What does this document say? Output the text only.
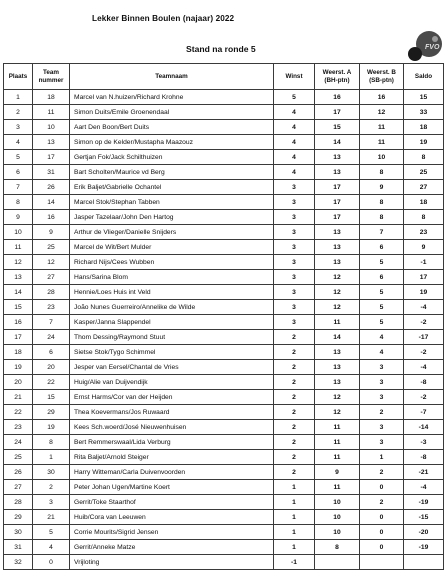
Lekker Binnen Boulen (najaar) 2022
Stand na ronde 5	FVO
Plaats	Team nummer	Teamnaam	Winst	Weerst. A (BH-ptn)	Weerst. B (SB-ptn)	Saldo
1	18	Marcel van N.huizen/Richard Krohne	5	16	16	15
2	11	Simon Duits/Emile Groenendaal	4	17	12	33
3	10	Aart Den Boon/Bert Duits	4	15	11	18
4	13	Simon op de Kelder/Mustapha Maazouz	4	14	11	19
5	17	Gertjan Fok/Jack Schilthuizen	4	13	10	8
6	31	Bart Scholten/Maurice vd Berg	4	13	8	25
7	26	Erik Baljet/Gabrielle Ochantel	3	17	9	27
8	14	Marcel Stok/Stephan Tabben	3	17	8	18
9	16	Jasper Tazelaar/John Den Hartog	3	17	8	8
10	9	Arthur de Vlieger/Danielle Snijders	3	13	7	23
11	25	Marcel de Wit/Bert Mulder	3	13	6	9
12	12	Richard Nijs/Cees Wubben	3	13	5	-1
13	27	Hans/Sarina Blom	3	12	6	17
14	28	Hennie/Loes Huis int Veld	3	12	5	19
15	23	João Nunes Guerreiro/Annelike de Wilde	3	12	5	-4
16	7	Kasper/Janna Slappendel	3	11	5	-2
17	24	Thom Dessing/Raymond Stuut	2	14	4	-17
18	6	Sietse Stok/Tygo Schimmel	2	13	4	-2
19	20	Jesper van Eersel/Chantal de Vries	2	13	3	-4
20	22	Huig/Alie van Duijvendijk	2	13	3	-8
21	15	Ernst Harms/Cor van der Heijden	2	12	3	-2
22	29	Thea Koevermans/Jos Ruwaard	2	12	2	-7
23	19	Kees Sch.woerd/José Nieuwenhuisen	2	11	3	-14
24	8	Bert Remmerswaal/Lida Verburg	2	11	3	-3
25	1	Rita Baljet/Arnold Steiger	2	11	1	-8
26	30	Harry Witteman/Carla Duivenvoorden	2	9	2	-21
27	2	Peter Johan Ugen/Martine Koert	1	11	0	-4
28	3	Gerrit/Toke Staarthof	1	10	2	-19
29	21	Huib/Cora van Leeuwen	1	10	0	-15
30	5	Corrie Mourits/Sigrid Jensen	1	10	0	-20
31	4	Gerrit/Anneke Matze	1	8	0	-19
32	0	Vrijloting	-1			
